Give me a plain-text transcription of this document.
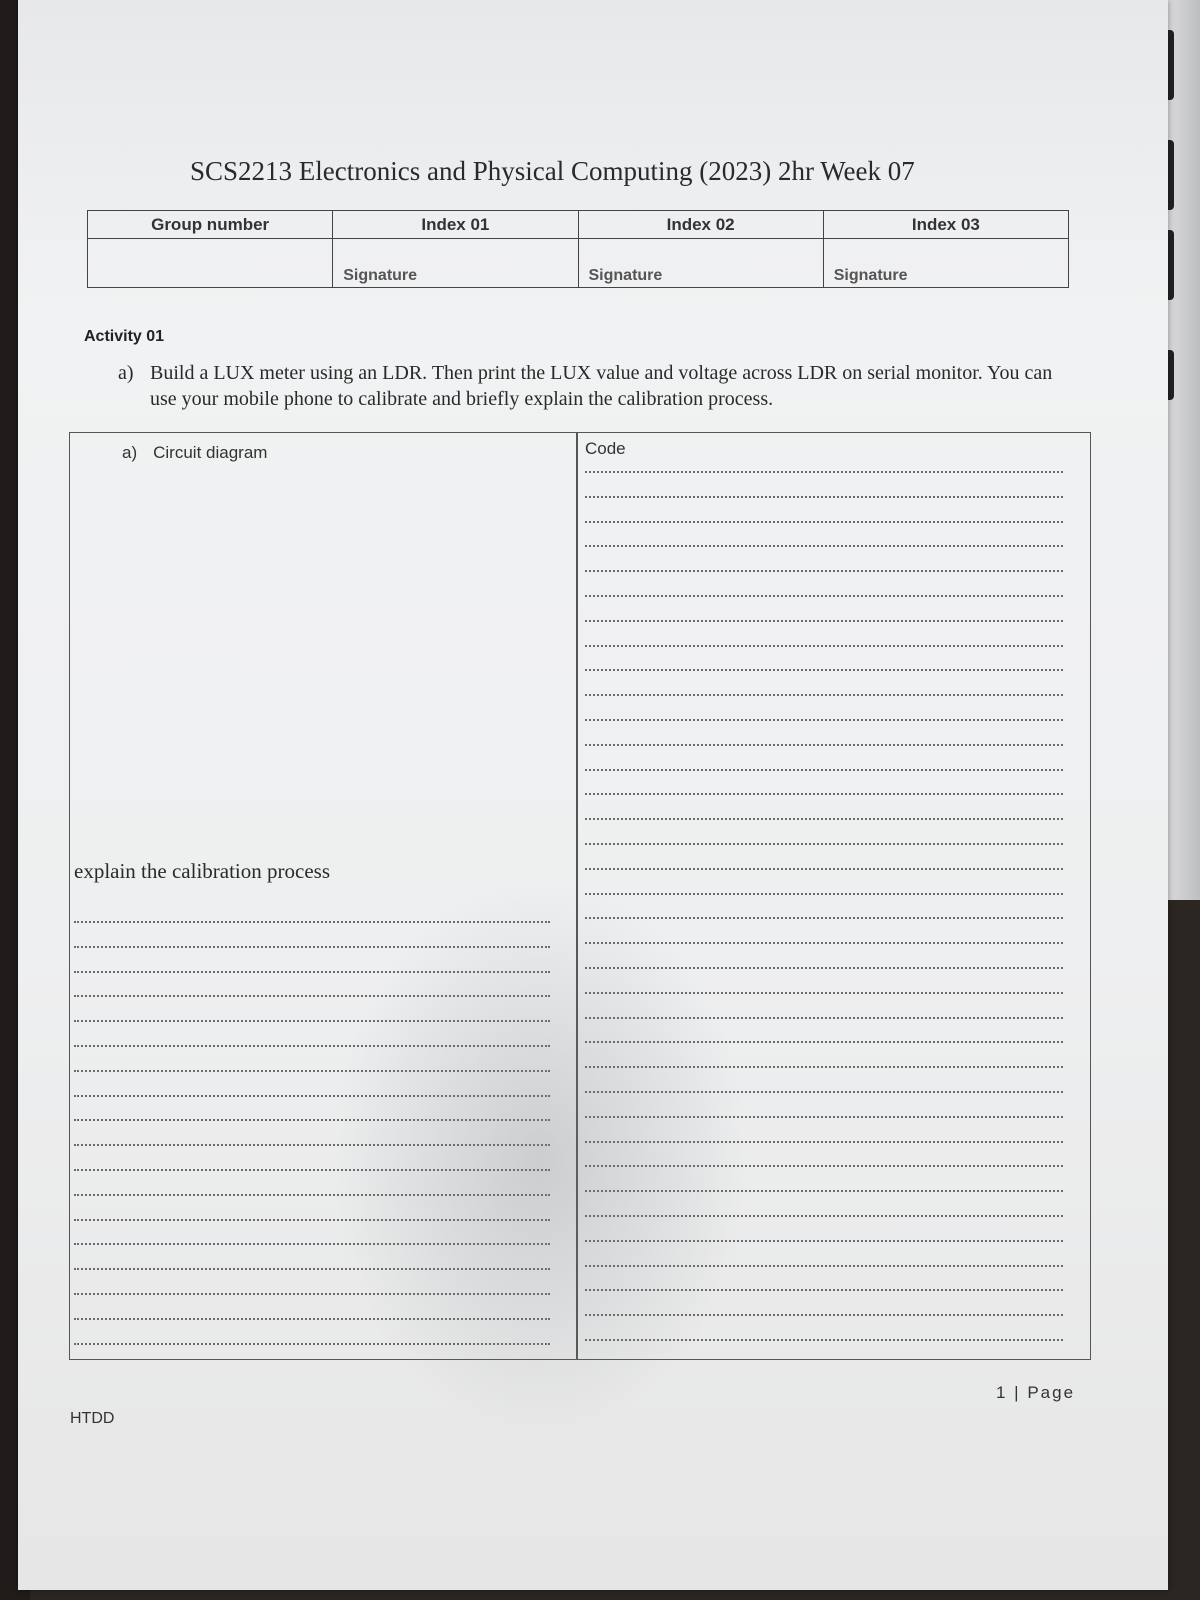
SCS2213 Electronics and Physical Computing (2023) 2hr Week 07
Group number	Index 01	Index 02	Index 03

	Signature	Signature	Signature
Activity 01
a) Build a LUX meter using an LDR. Then print the LUX value and voltage across LDR on serial monitor. You can use your mobile phone to calibrate and briefly explain the calibration process.
a) Circuit diagram	Code
explain the calibration process
HTDD
1 | Page
